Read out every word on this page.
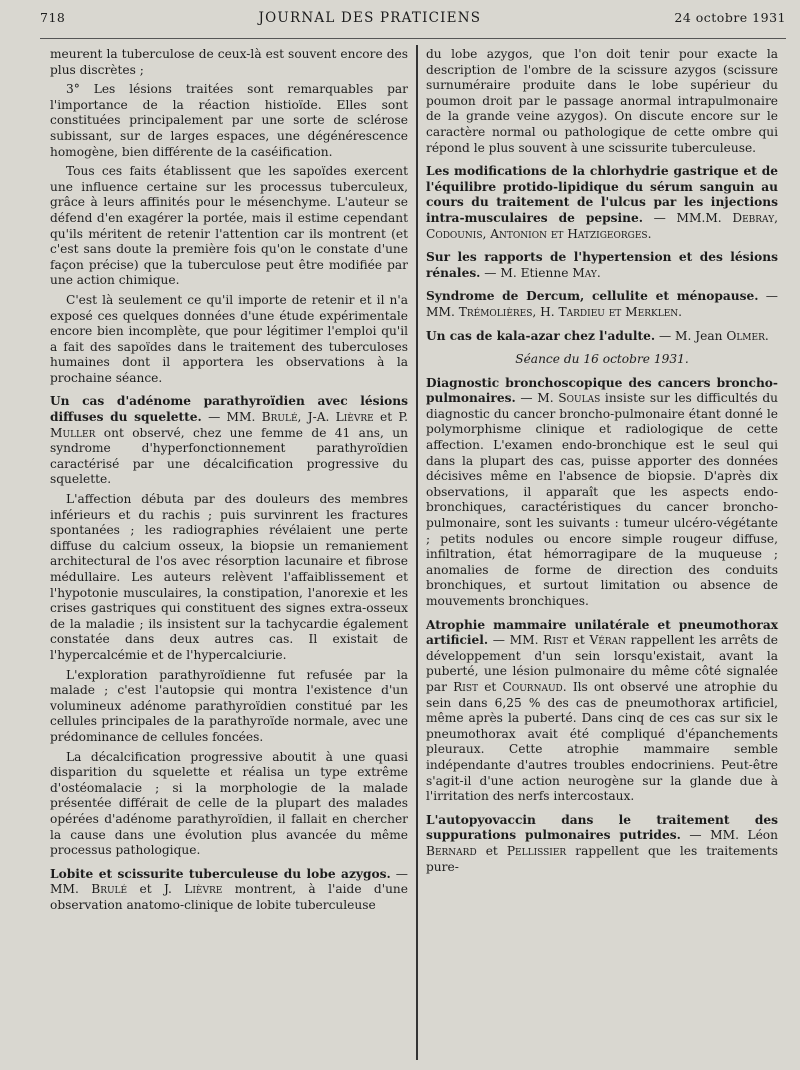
718	JOURNAL DES PRATICIENS	24 octobre 1931

meurent la tuberculose de ceux-là est souvent encore des plus discrètes ;

3° Les lésions traitées sont remarquables par l'importance de la réaction histioïde. Elles sont constituées principalement par une sorte de sclérose subissant, sur de larges espaces, une dégénérescence homogène, bien différente de la caséification.

Tous ces faits établissent que les sapoïdes exercent une influence certaine sur les processus tuberculeux, grâce à leurs affinités pour le mésenchyme. L'auteur se défend d'en exagérer la portée, mais il estime cependant qu'ils méritent de retenir l'attention car ils montrent (et c'est sans doute la première fois qu'on le constate d'une façon précise) que la tuberculose peut être modifiée par une action chimique.

C'est là seulement ce qu'il importe de retenir et il n'a exposé ces quelques données d'une étude expérimentale encore bien incomplète, que pour légitimer l'emploi qu'il a fait des sapoïdes dans le traitement des tuberculoses humaines dont il apportera les observations à la prochaine séance.

Un cas d'adénome parathyroïdien avec lésions diffuses du squelette. — MM. Brulé, J-A. Lièvre et P. Muller ont observé, chez une femme de 41 ans, un syndrome d'hyperfonctionnement parathyroïdien caractérisé par une décalcification progressive du squelette.

L'affection débuta par des douleurs des membres inférieurs et du rachis ; puis survinrent les fractures spontanées ; les radiographies révélaient une perte diffuse du calcium osseux, la biopsie un remaniement architectural de l'os avec résorption lacunaire et fibrose médullaire. Les auteurs relèvent l'affaiblissement et l'hypotonie musculaires, la constipation, l'anorexie et les crises gastriques qui constituent des signes extra-osseux de la maladie ; ils insistent sur la tachycardie également constatée dans deux autres cas. Il existait de l'hypercalcémie et de l'hypercalciurie.

L'exploration parathyroïdienne fut refusée par la malade ; c'est l'autopsie qui montra l'existence d'un volumineux adénome parathyroïdien constitué par les cellules principales de la parathyroïde normale, avec une prédominance de cellules foncées.

La décalcification progressive aboutit à une quasi disparition du squelette et réalisa un type extrême d'ostéomalacie ; si la morphologie de la malade présentée différait de celle de la plupart des malades opérées d'adénome parathyroïdien, il fallait en chercher la cause dans une évolution plus avancée du même processus pathologique.

Lobite et scissurite tuberculeuse du lobe azygos. — MM. Brulé et J. Lièvre montrent, à l'aide d'une observation anatomo-clinique de lobite tuberculeuse

du lobe azygos, que l'on doit tenir pour exacte la description de l'ombre de la scissure azygos (scissure surnuméraire produite dans le lobe supérieur du poumon droit par le passage anormal intrapulmonaire de la grande veine azygos). On discute encore sur le caractère normal ou pathologique de cette ombre qui répond le plus souvent à une scissurite tuberculeuse.

Les modifications de la chlorhydrie gastrique et de l'équilibre protido-lipidique du sérum sanguin au cours du traitement de l'ulcus par les injections intra-musculaires de pepsine. — MM.M. Debray, Codounis, Antonion et Hatzigeorges.

Sur les rapports de l'hypertension et des lésions rénales. — M. Etienne May.

Syndrome de Dercum, cellulite et ménopause. — MM. Trémolières, H. Tardieu et Merklen.

Un cas de kala-azar chez l'adulte. — M. Jean Olmer.

Séance du 16 octobre 1931.

Diagnostic bronchoscopique des cancers broncho-pulmonaires. — M. Soulas insiste sur les difficultés du diagnostic du cancer broncho-pulmonaire étant donné le polymorphisme clinique et radiologique de cette affection. L'examen endo-bronchique est le seul qui dans la plupart des cas, puisse apporter des données décisives même en l'absence de biopsie. D'après dix observations, il apparaît que les aspects endo-bronchiques, caractéristiques du cancer broncho-pulmonaire, sont les suivants : tumeur ulcéro-végétante ; petits nodules ou encore simple rougeur diffuse, infiltration, état hémorragipare de la muqueuse ; anomalies de forme de direction des conduits bronchiques, et surtout limitation ou absence de mouvements bronchiques.

Atrophie mammaire unilatérale et pneumothorax artificiel. — MM. Rist et Véran rappellent les arrêts de développement d'un sein lorsqu'existait, avant la puberté, une lésion pulmonaire du même côté signalée par Rist et Cournaud. Ils ont observé une atrophie du sein dans 6,25 % des cas de pneumothorax artificiel, même après la puberté. Dans cinq de ces cas sur six le pneumothorax avait été compliqué d'épanchements pleuraux. Cette atrophie mammaire semble indépendante d'autres troubles endocriniens. Peut-être s'agit-il d'une action neurogène sur la glande due à l'irritation des nerfs intercostaux.

L'autopyovaccin dans le traitement des suppurations pulmonaires putrides. — MM. Léon Bernard et Pellissier rappellent que les traitements pure-
